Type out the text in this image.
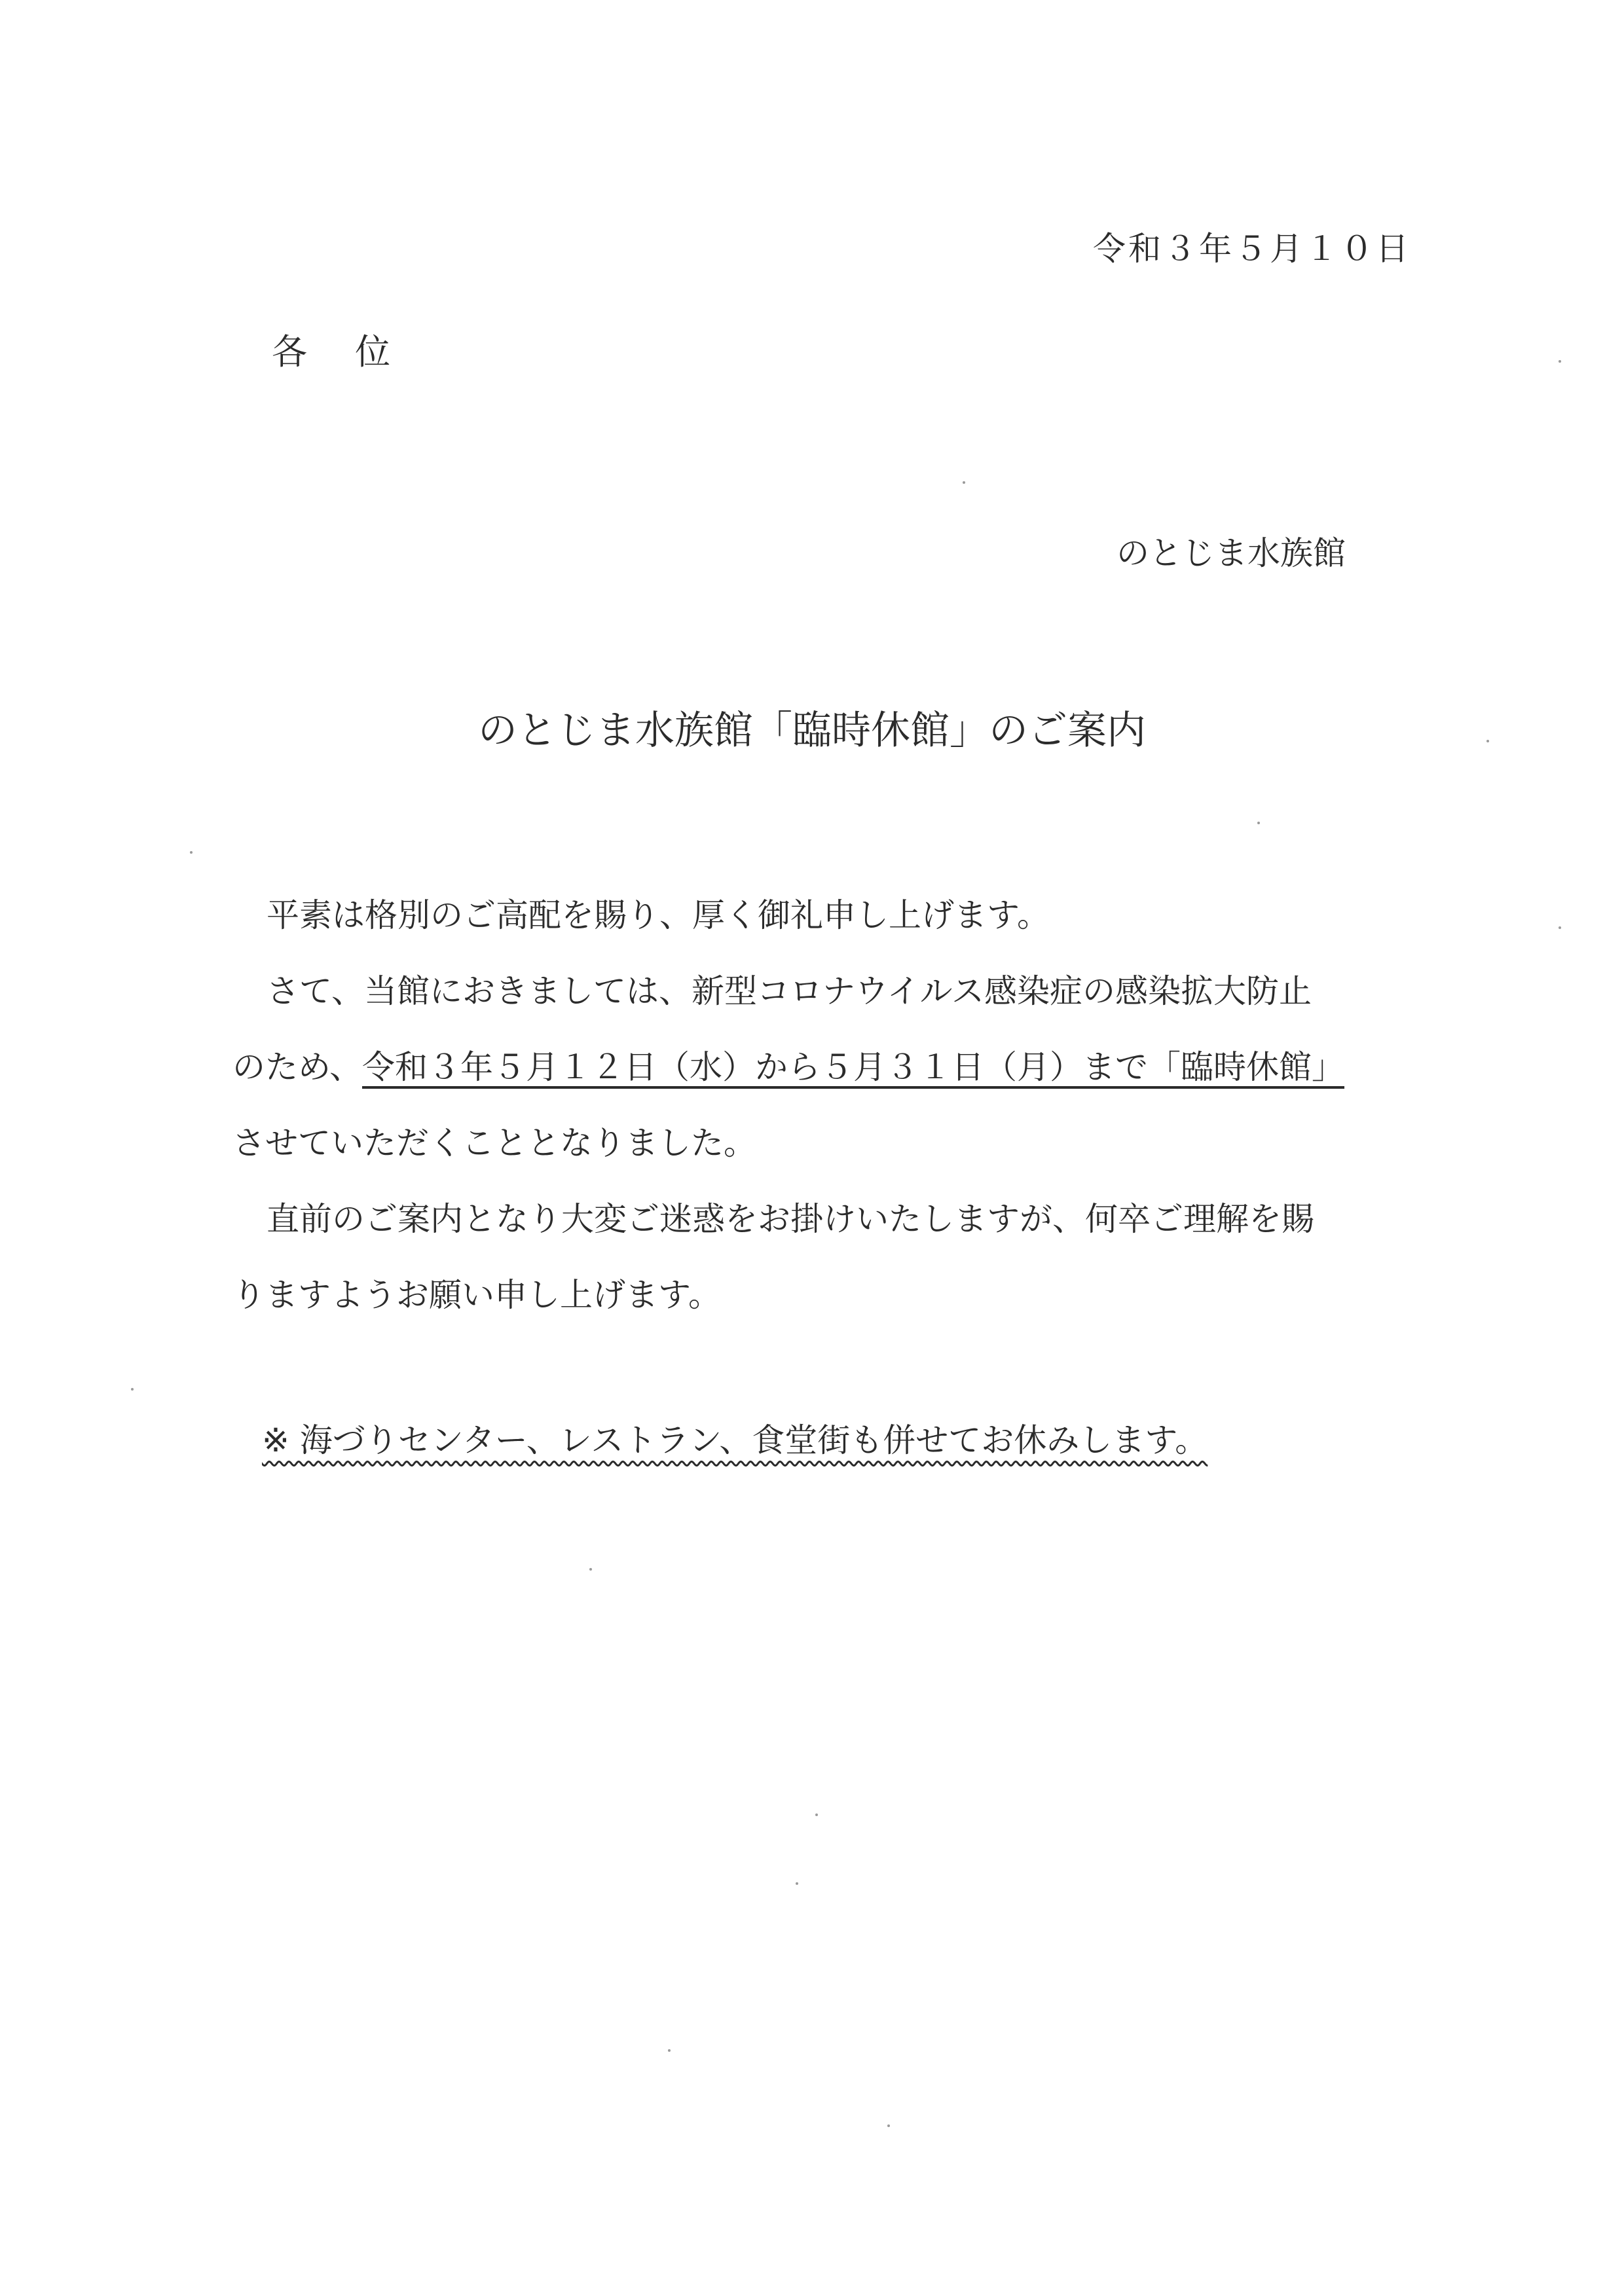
令和３年５月１０日
各 位
のとじま水族館
のとじま水族館「臨時休館」のご案内
平素は格別のご高配を賜り、厚く御礼申し上げます。
さて、当館におきましては、新型コロナウイルス感染症の感染拡大防止
のため、令和３年５月１２日（水）から５月３１日（月）まで「臨時休館」
させていただくこととなりました。
直前のご案内となり大変ご迷惑をお掛けいたしますが、何卒ご理解を賜
りますようお願い申し上げます。
※ 海づりセンター、レストラン、食堂街も併せてお休みします。
